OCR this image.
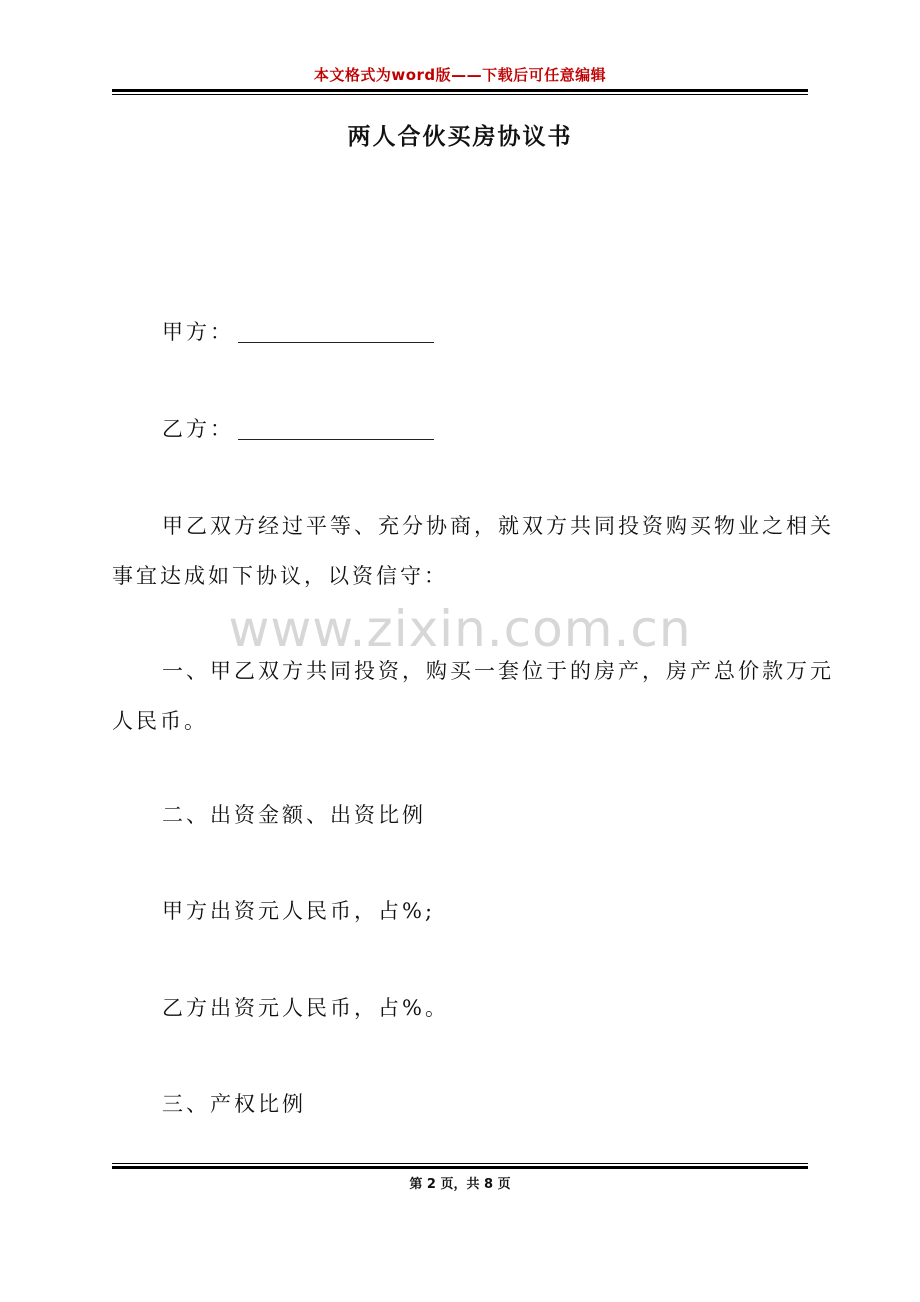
本文格式为word版——下载后可任意编辑
两人合伙买房协议书
甲方：
乙方：
甲乙双方经过平等、充分协商，就双方共同投资购买物业之相关
事宜达成如下协议，以资信守：
www.zixin.com.cn
一、甲乙双方共同投资，购买一套位于的房产，房产总价款万元
人民币。
二、出资金额、出资比例
甲方出资元人民币，占%;
乙方出资元人民币，占%。
三、产权比例
第 2 页，共 8 页
